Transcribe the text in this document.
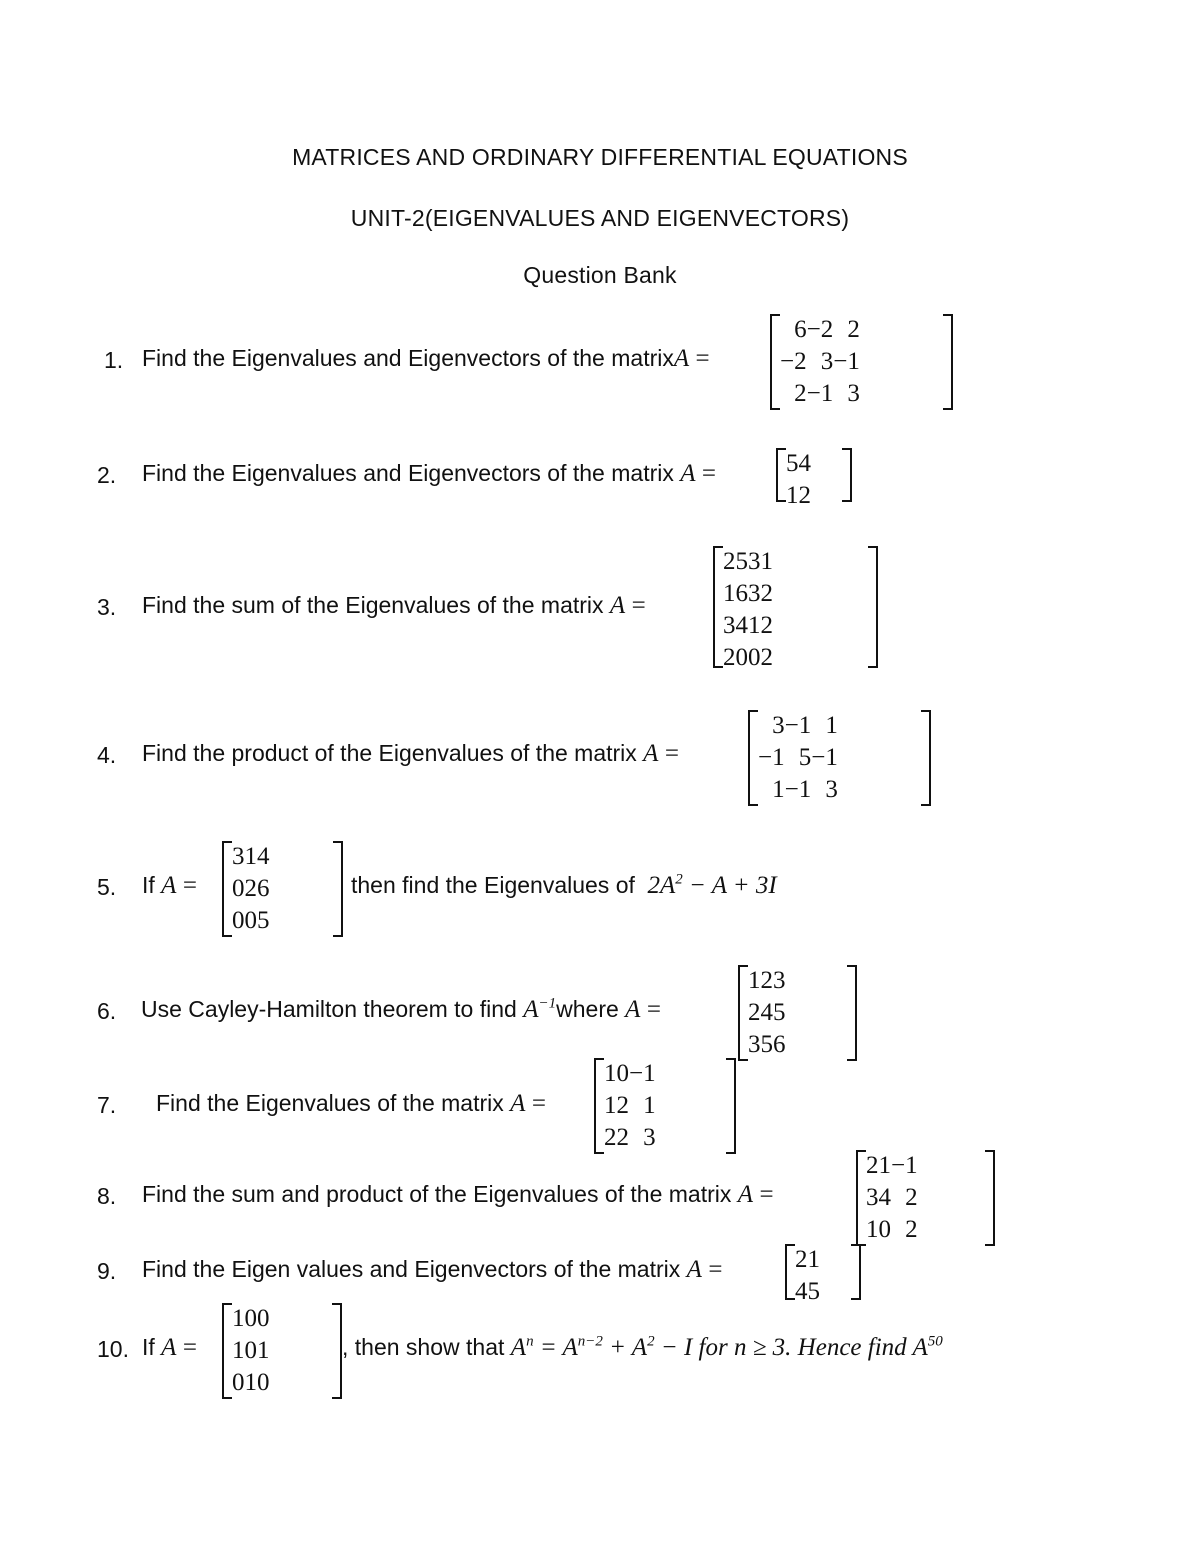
MATRICES AND ORDINARY DIFFERENTIAL EQUATIONS
UNIT-2(EIGENVALUES AND EIGENVECTORS)
Question Bank
1. Find the Eigenvalues and Eigenvectors of the matrixA =
6	−2	2
−2	3	−1
2	−1	3
2. Find the Eigenvalues and Eigenvectors of the matrix A =	5	4
1	2
3. Find the sum of the Eigenvalues of the matrix A =
2	5	3	1
1	6	3	2
3	4	1	2
2	0	0	2
4. Find the product of the Eigenvalues of the matrix A =
3	−1	1
−1	5	−1
1	−1	3
5. If A =
3	1	4
0	2	6
0	0	5
then find the Eigenvalues of $2A^2 - A + 3I$
6. Use Cayley-Hamilton theorem to find $A^{-1}where$ A =
1	2	3
2	4	5
3	5	6
7. Find the Eigenvalues of the matrix A =
1	0	−1
1	2	1
2	2	3
8. Find the sum and product of the Eigenvalues of the matrix A =
2	1	−1
3	4	2
1	0	2
9. Find the Eigen values and Eigenvectors of the matrix A =	2	1
4	5
10. If A =
1	0	0
1	0	1
0	1	0
, then show that $A^n = A^{n-2} + A^2 - I$ for n ≥ 3. Hence find $A^{50}$
